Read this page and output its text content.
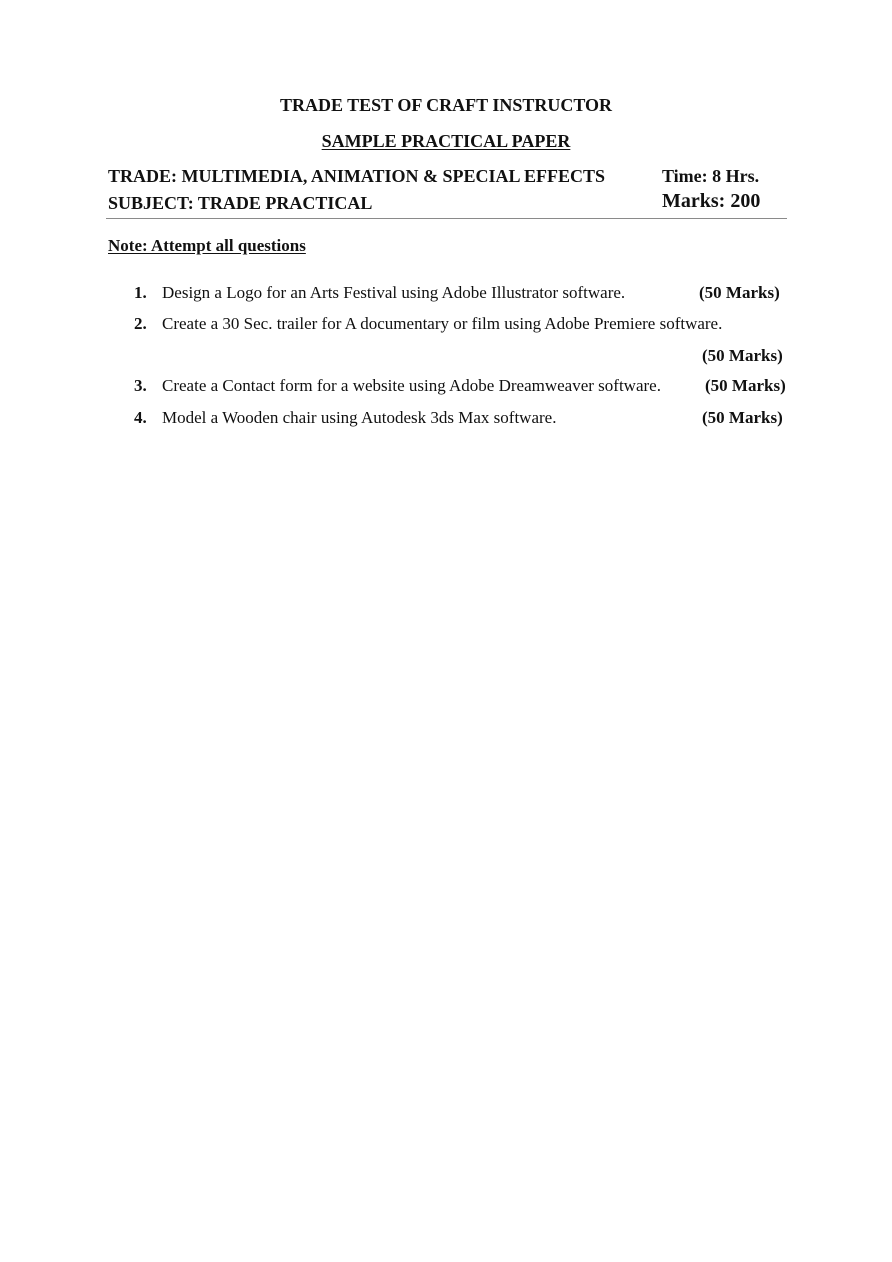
TRADE TEST OF CRAFT INSTRUCTOR
SAMPLE PRACTICAL PAPER
TRADE: MULTIMEDIA, ANIMATION & SPECIAL EFFECTS	Time: 8 Hrs.
SUBJECT: TRADE PRACTICAL	Marks: 200
Note: Attempt all questions
1. Design a Logo for an Arts Festival using Adobe Illustrator software.	(50 Marks)
2. Create a 30 Sec. trailer for A documentary or film using Adobe Premiere software.
(50 Marks)
3. Create a Contact form for a website using Adobe Dreamweaver software.	(50 Marks)
4. Model a Wooden chair using Autodesk 3ds Max software.	(50 Marks)
